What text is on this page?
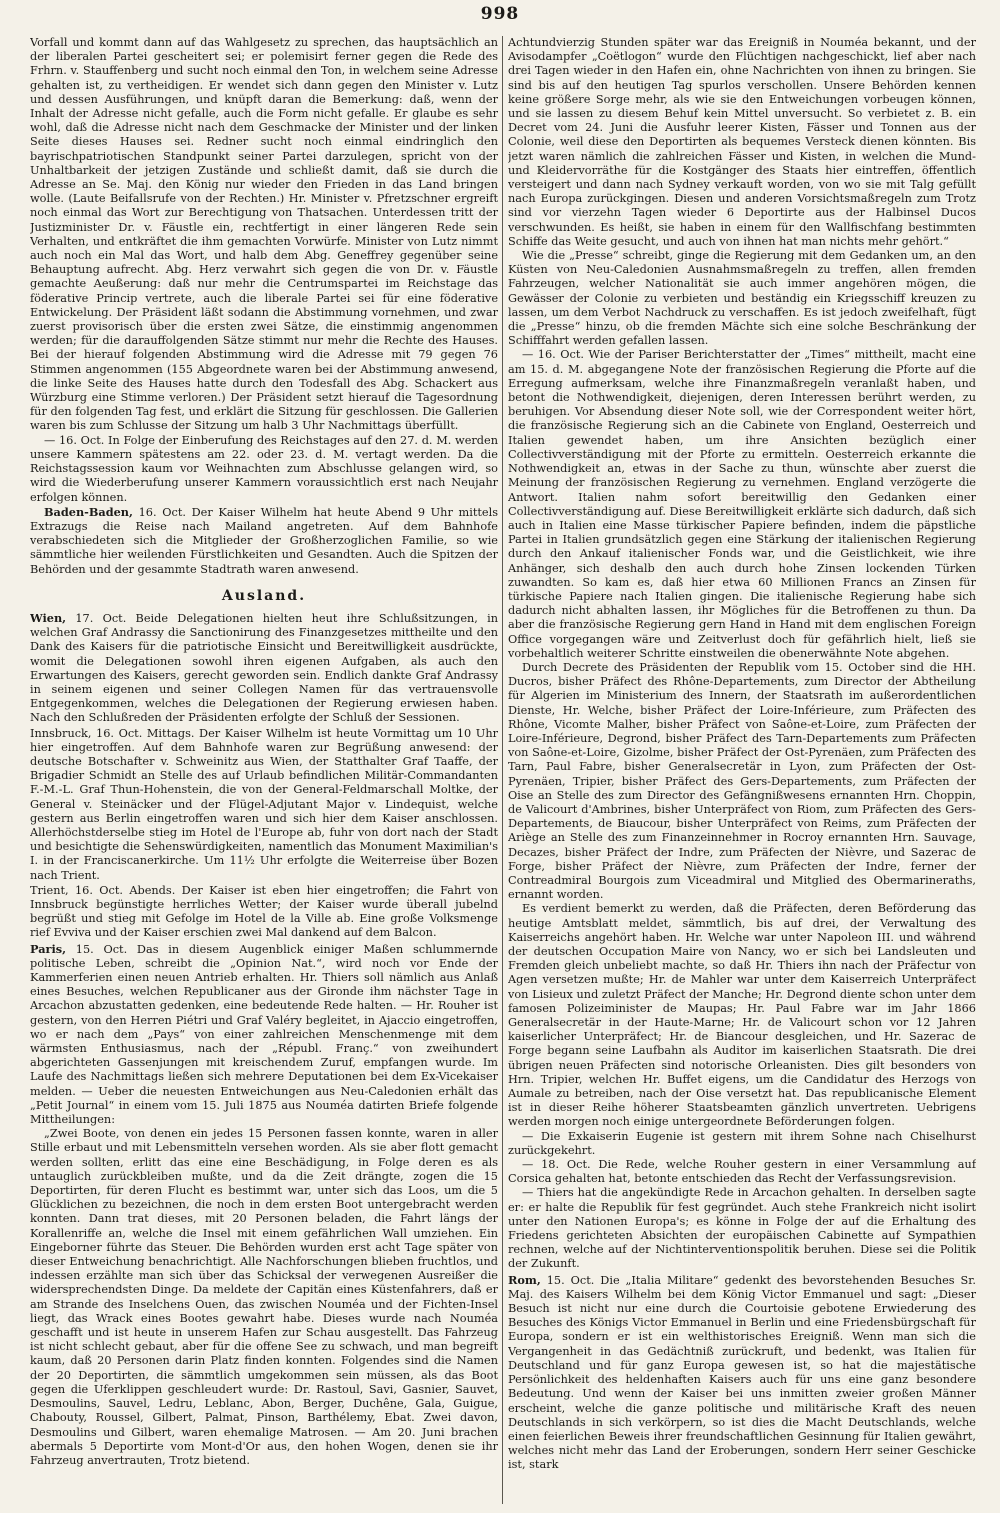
998

Vorfall und kommt dann auf das Wahlgesetz zu sprechen, das hauptsächlich an der liberalen Partei gescheitert sei; er polemisirt ferner gegen die Rede des Frhrn. v. Stauffenberg und sucht noch einmal den Ton, in welchem seine Adresse gehalten ist, zu vertheidigen. Er wendet sich dann gegen den Minister v. Lutz und dessen Ausführungen, und knüpft daran die Bemerkung: daß, wenn der Inhalt der Adresse nicht gefalle, auch die Form nicht gefalle. Er glaube es sehr wohl, daß die Adresse nicht nach dem Geschmacke der Minister und der linken Seite dieses Hauses sei. Redner sucht noch einmal eindringlich den bayrischpatriotischen Standpunkt seiner Partei darzulegen, spricht von der Unhaltbarkeit der jetzigen Zustände und schließt damit, daß sie durch die Adresse an Se. Maj. den König nur wieder den Frieden in das Land bringen wolle. (Laute Beifallsrufe von der Rechten.) Hr. Minister v. Pfretzschner ergreift noch einmal das Wort zur Berechtigung von Thatsachen. Unterdessen tritt der Justizminister Dr. v. Fäustle ein, rechtfertigt in einer längeren Rede sein Verhalten, und entkräftet die ihm gemachten Vorwürfe. Minister von Lutz nimmt auch noch ein Mal das Wort, und halb dem Abg. Geneffrey gegenüber seine Behauptung aufrecht. Abg. Herz verwahrt sich gegen die von Dr. v. Fäustle gemachte Aeußerung: daß nur mehr die Centrumspartei im Reichstage das föderative Princip vertrete, auch die liberale Partei sei für eine föderative Entwickelung. Der Präsident läßt sodann die Abstimmung vornehmen, und zwar zuerst provisorisch über die ersten zwei Sätze, die einstimmig angenommen werden; für die darauffolgenden Sätze stimmt nur mehr die Rechte des Hauses. Bei der hierauf folgenden Abstimmung wird die Adresse mit 79 gegen 76 Stimmen angenommen (155 Abgeordnete waren bei der Abstimmung anwesend, die linke Seite des Hauses hatte durch den Todesfall des Abg. Schackert aus Würzburg eine Stimme verloren.) Der Präsident setzt hierauf die Tagesordnung für den folgenden Tag fest, und erklärt die Sitzung für geschlossen. Die Gallerien waren bis zum Schlusse der Sitzung um halb 3 Uhr Nachmittags überfüllt.

— 16. Oct. In Folge der Einberufung des Reichstages auf den 27. d. M. werden unsere Kammern spätestens am 22. oder 23. d. M. vertagt werden. Da die Reichstagssession kaum vor Weihnachten zum Abschlusse gelangen wird, so wird die Wiederberufung unserer Kammern voraussichtlich erst nach Neujahr erfolgen können.

Baden-Baden, 16. Oct. Der Kaiser Wilhelm hat heute Abend 9 Uhr mittels Extrazugs die Reise nach Mailand angetreten. Auf dem Bahnhofe verabschiedeten sich die Mitglieder der Großherzoglichen Familie, so wie sämmtliche hier weilenden Fürstlichkeiten und Gesandten. Auch die Spitzen der Behörden und der gesammte Stadtrath waren anwesend.

Ausland.

Wien, 17. Oct. Beide Delegationen hielten heut ihre Schlußsitzungen, in welchen Graf Andrassy die Sanctionirung des Finanzgesetzes mittheilte und den Dank des Kaisers für die patriotische Einsicht und Bereitwilligkeit ausdrückte, womit die Delegationen sowohl ihren eigenen Aufgaben, als auch den Erwartungen des Kaisers, gerecht geworden sein. Endlich dankte Graf Andrassy in seinem eigenen und seiner Collegen Namen für das vertrauensvolle Entgegenkommen, welches die Delegationen der Regierung erwiesen haben. Nach den Schlußreden der Präsidenten erfolgte der Schluß der Sessionen.

Innsbruck, 16. Oct. Mittags. Der Kaiser Wilhelm ist heute Vormittag um 10 Uhr hier eingetroffen. Auf dem Bahnhofe waren zur Begrüßung anwesend: der deutsche Botschafter v. Schweinitz aus Wien, der Statthalter Graf Taaffe, der Brigadier Schmidt an Stelle des auf Urlaub befindlichen Militär-Commandanten F.-M.-L. Graf Thun-Hohenstein, die von der General-Feldmarschall Moltke, der General v. Steinäcker und der Flügel-Adjutant Major v. Lindequist, welche gestern aus Berlin eingetroffen waren und sich hier dem Kaiser anschlossen. Allerhöchstderselbe stieg im Hotel de l'Europe ab, fuhr von dort nach der Stadt und besichtigte die Sehenswürdigkeiten, namentlich das Monument Maximilian's I. in der Franciscanerkirche. Um 11½ Uhr erfolgte die Weiterreise über Bozen nach Trient.

Trient, 16. Oct. Abends. Der Kaiser ist eben hier eingetroffen; die Fahrt von Innsbruck begünstigte herrliches Wetter; der Kaiser wurde überall jubelnd begrüßt und stieg mit Gefolge im Hotel de la Ville ab. Eine große Volksmenge rief Evviva und der Kaiser erschien zwei Mal dankend auf dem Balcon.

Paris, 15. Oct. Das in diesem Augenblick einiger Maßen schlummernde politische Leben, schreibt die „Opinion Nat.“, wird noch vor Ende der Kammerferien einen neuen Antrieb erhalten. Hr. Thiers soll nämlich aus Anlaß eines Besuches, welchen Republicaner aus der Gironde ihm nächster Tage in Arcachon abzustatten gedenken, eine bedeutende Rede halten. — Hr. Rouher ist gestern, von den Herren Piétri und Graf Valéry begleitet, in Ajaccio eingetroffen, wo er nach dem „Pays“ von einer zahlreichen Menschenmenge mit dem wärmsten Enthusiasmus, nach der „Républ. Franç.“ von zweihundert abgerichteten Gassenjungen mit kreischendem Zuruf, empfangen wurde. Im Laufe des Nachmittags ließen sich mehrere Deputationen bei dem Ex-Vicekaiser melden. — Ueber die neuesten Entweichungen aus Neu-Caledonien erhält das „Petit Journal“ in einem vom 15. Juli 1875 aus Nouméa datirten Briefe folgende Mittheilungen:

„Zwei Boote, von denen ein jedes 15 Personen fassen konnte, waren in aller Stille erbaut und mit Lebensmitteln versehen worden. Als sie aber flott gemacht werden sollten, erlitt das eine eine Beschädigung, in Folge deren es als untauglich zurückbleiben mußte, und da die Zeit drängte, zogen die 15 Deportirten, für deren Flucht es bestimmt war, unter sich das Loos, um die 5 Glücklichen zu bezeichnen, die noch in dem ersten Boot untergebracht werden konnten. Dann trat dieses, mit 20 Personen beladen, die Fahrt längs der Korallenriffe an, welche die Insel mit einem gefährlichen Wall umziehen. Ein Eingeborner führte das Steuer. Die Behörden wurden erst acht Tage später von dieser Entweichung benachrichtigt. Alle Nachforschungen blieben fruchtlos, und indessen erzählte man sich über das Schicksal der verwegenen Ausreißer die widersprechendsten Dinge. Da meldete der Capitän eines Küstenfahrers, daß er am Strande des Inselchens Ouen, das zwischen Nouméa und der Fichten-Insel liegt, das Wrack eines Bootes gewahrt habe. Dieses wurde nach Nouméa geschafft und ist heute in unserem Hafen zur Schau ausgestellt. Das Fahrzeug ist nicht schlecht gebaut, aber für die offene See zu schwach, und man begreift kaum, daß 20 Personen darin Platz finden konnten. Folgendes sind die Namen der 20 Deportirten, die sämmtlich umgekommen sein müssen, als das Boot gegen die Uferklippen geschleudert wurde: Dr. Rastoul, Savi, Gasnier, Sauvet, Desmoulins, Sauvel, Ledru, Leblanc, Abon, Berger, Duchêne, Gala, Guigue, Chabouty, Roussel, Gilbert, Palmat, Pinson, Barthélemy, Ebat. Zwei davon, Desmoulins und Gilbert, waren ehemalige Matrosen. — Am 20. Juni brachen abermals 5 Deportirte vom Mont-d'Or aus, den hohen Wogen, denen sie ihr Fahrzeug anvertrauten, Trotz bietend.

Achtundvierzig Stunden später war das Ereigniß in Nouméa bekannt, und der Avisodampfer „Coëtlogon“ wurde den Flüchtigen nachgeschickt, lief aber nach drei Tagen wieder in den Hafen ein, ohne Nachrichten von ihnen zu bringen. Sie sind bis auf den heutigen Tag spurlos verschollen. Unsere Behörden kennen keine größere Sorge mehr, als wie sie den Entweichungen vorbeugen können, und sie lassen zu diesem Behuf kein Mittel unversucht. So verbietet z. B. ein Decret vom 24. Juni die Ausfuhr leerer Kisten, Fässer und Tonnen aus der Colonie, weil diese den Deportirten als bequemes Versteck dienen könnten. Bis jetzt waren nämlich die zahlreichen Fässer und Kisten, in welchen die Mund- und Kleidervorräthe für die Kostgänger des Staats hier eintreffen, öffentlich versteigert und dann nach Sydney verkauft worden, von wo sie mit Talg gefüllt nach Europa zurückgingen. Diesen und anderen Vorsichtsmaßregeln zum Trotz sind vor vierzehn Tagen wieder 6 Deportirte aus der Halbinsel Ducos verschwunden. Es heißt, sie haben in einem für den Wallfischfang bestimmten Schiffe das Weite gesucht, und auch von ihnen hat man nichts mehr gehört.“

Wie die „Presse“ schreibt, ginge die Regierung mit dem Gedanken um, an den Küsten von Neu-Caledonien Ausnahmsmaßregeln zu treffen, allen fremden Fahrzeugen, welcher Nationalität sie auch immer angehören mögen, die Gewässer der Colonie zu verbieten und beständig ein Kriegsschiff kreuzen zu lassen, um dem Verbot Nachdruck zu verschaffen. Es ist jedoch zweifelhaft, fügt die „Presse“ hinzu, ob die fremden Mächte sich eine solche Beschränkung der Schifffahrt werden gefallen lassen.

— 16. Oct. Wie der Pariser Berichterstatter der „Times“ mittheilt, macht eine am 15. d. M. abgegangene Note der französischen Regierung die Pforte auf die Erregung aufmerksam, welche ihre Finanzmaßregeln veranlaßt haben, und betont die Nothwendigkeit, diejenigen, deren Interessen berührt werden, zu beruhigen. Vor Absendung dieser Note soll, wie der Correspondent weiter hört, die französische Regierung sich an die Cabinete von England, Oesterreich und Italien gewendet haben, um ihre Ansichten bezüglich einer Collectivverständigung mit der Pforte zu ermitteln. Oesterreich erkannte die Nothwendigkeit an, etwas in der Sache zu thun, wünschte aber zuerst die Meinung der französischen Regierung zu vernehmen. England verzögerte die Antwort. Italien nahm sofort bereitwillig den Gedanken einer Collectivverständigung auf. Diese Bereitwilligkeit erklärte sich dadurch, daß sich auch in Italien eine Masse türkischer Papiere befinden, indem die päpstliche Partei in Italien grundsätzlich gegen eine Stärkung der italienischen Regierung durch den Ankauf italienischer Fonds war, und die Geistlichkeit, wie ihre Anhänger, sich deshalb den auch durch hohe Zinsen lockenden Türken zuwandten. So kam es, daß hier etwa 60 Millionen Francs an Zinsen für türkische Papiere nach Italien gingen. Die italienische Regierung habe sich dadurch nicht abhalten lassen, ihr Mögliches für die Betroffenen zu thun. Da aber die französische Regierung gern Hand in Hand mit dem englischen Foreign Office vorgegangen wäre und Zeitverlust doch für gefährlich hielt, ließ sie vorbehaltlich weiterer Schritte einstweilen die obenerwähnte Note abgehen.

Durch Decrete des Präsidenten der Republik vom 15. October sind die HH. Ducros, bisher Präfect des Rhône-Departements, zum Director der Abtheilung für Algerien im Ministerium des Innern, der Staatsrath im außerordentlichen Dienste, Hr. Welche, bisher Präfect der Loire-Inférieure, zum Präfecten des Rhône, Vicomte Malher, bisher Präfect von Saône-et-Loire, zum Präfecten der Loire-Inférieure, Degrond, bisher Präfect des Tarn-Departements zum Präfecten von Saône-et-Loire, Gizolme, bisher Präfect der Ost-Pyrenäen, zum Präfecten des Tarn, Paul Fabre, bisher Generalsecretär in Lyon, zum Präfecten der Ost-Pyrenäen, Tripier, bisher Präfect des Gers-Departements, zum Präfecten der Oise an Stelle des zum Director des Gefängnißwesens ernannten Hrn. Choppin, de Valicourt d'Ambrines, bisher Unterpräfect von Riom, zum Präfecten des Gers-Departements, de Biaucour, bisher Unterpräfect von Reims, zum Präfecten der Ariège an Stelle des zum Finanzeinnehmer in Rocroy ernannten Hrn. Sauvage, Decazes, bisher Präfect der Indre, zum Präfecten der Nièvre, und Sazerac de Forge, bisher Präfect der Nièvre, zum Präfecten der Indre, ferner der Contreadmiral Bourgois zum Viceadmiral und Mitglied des Obermarineraths, ernannt worden.

Es verdient bemerkt zu werden, daß die Präfecten, deren Beförderung das heutige Amtsblatt meldet, sämmtlich, bis auf drei, der Verwaltung des Kaiserreichs angehört haben. Hr. Welche war unter Napoleon III. und während der deutschen Occupation Maire von Nancy, wo er sich bei Landsleuten und Fremden gleich unbeliebt machte, so daß Hr. Thiers ihn nach der Präfectur von Agen versetzen mußte; Hr. de Mahler war unter dem Kaiserreich Unterpräfect von Lisieux und zuletzt Präfect der Manche; Hr. Degrond diente schon unter dem famosen Polizeiminister de Maupas; Hr. Paul Fabre war im Jahr 1866 Generalsecretär in der Haute-Marne; Hr. de Valicourt schon vor 12 Jahren kaiserlicher Unterpräfect; Hr. de Biancour desgleichen, und Hr. Sazerac de Forge begann seine Laufbahn als Auditor im kaiserlichen Staatsrath. Die drei übrigen neuen Präfecten sind notorische Orleanisten. Dies gilt besonders von Hrn. Tripier, welchen Hr. Buffet eigens, um die Candidatur des Herzogs von Aumale zu betreiben, nach der Oise versetzt hat. Das republicanische Element ist in dieser Reihe höherer Staatsbeamten gänzlich unvertreten. Uebrigens werden morgen noch einige untergeordnete Beförderungen folgen.

— Die Exkaiserin Eugenie ist gestern mit ihrem Sohne nach Chiselhurst zurückgekehrt.

— 18. Oct. Die Rede, welche Rouher gestern in einer Versammlung auf Corsica gehalten hat, betonte entschieden das Recht der Verfassungsrevision.

— Thiers hat die angekündigte Rede in Arcachon gehalten. In derselben sagte er: er halte die Republik für fest gegründet. Auch stehe Frankreich nicht isolirt unter den Nationen Europa's; es könne in Folge der auf die Erhaltung des Friedens gerichteten Absichten der europäischen Cabinette auf Sympathien rechnen, welche auf der Nichtinterventionspolitik beruhen. Diese sei die Politik der Zukunft.

Rom, 15. Oct. Die „Italia Militare“ gedenkt des bevorstehenden Besuches Sr. Maj. des Kaisers Wilhelm bei dem König Victor Emmanuel und sagt: „Dieser Besuch ist nicht nur eine durch die Courtoisie gebotene Erwiederung des Besuches des Königs Victor Emmanuel in Berlin und eine Friedensbürgschaft für Europa, sondern er ist ein welthistorisches Ereigniß. Wenn man sich die Vergangenheit in das Gedächtniß zurückruft, und bedenkt, was Italien für Deutschland und für ganz Europa gewesen ist, so hat die majestätische Persönlichkeit des heldenhaften Kaisers auch für uns eine ganz besondere Bedeutung. Und wenn der Kaiser bei uns inmitten zweier großen Männer erscheint, welche die ganze politische und militärische Kraft des neuen Deutschlands in sich verkörpern, so ist dies die Macht Deutschlands, welche einen feierlichen Beweis ihrer freundschaftlichen Gesinnung für Italien gewährt, welches nicht mehr das Land der Eroberungen, sondern Herr seiner Geschicke ist, stark
